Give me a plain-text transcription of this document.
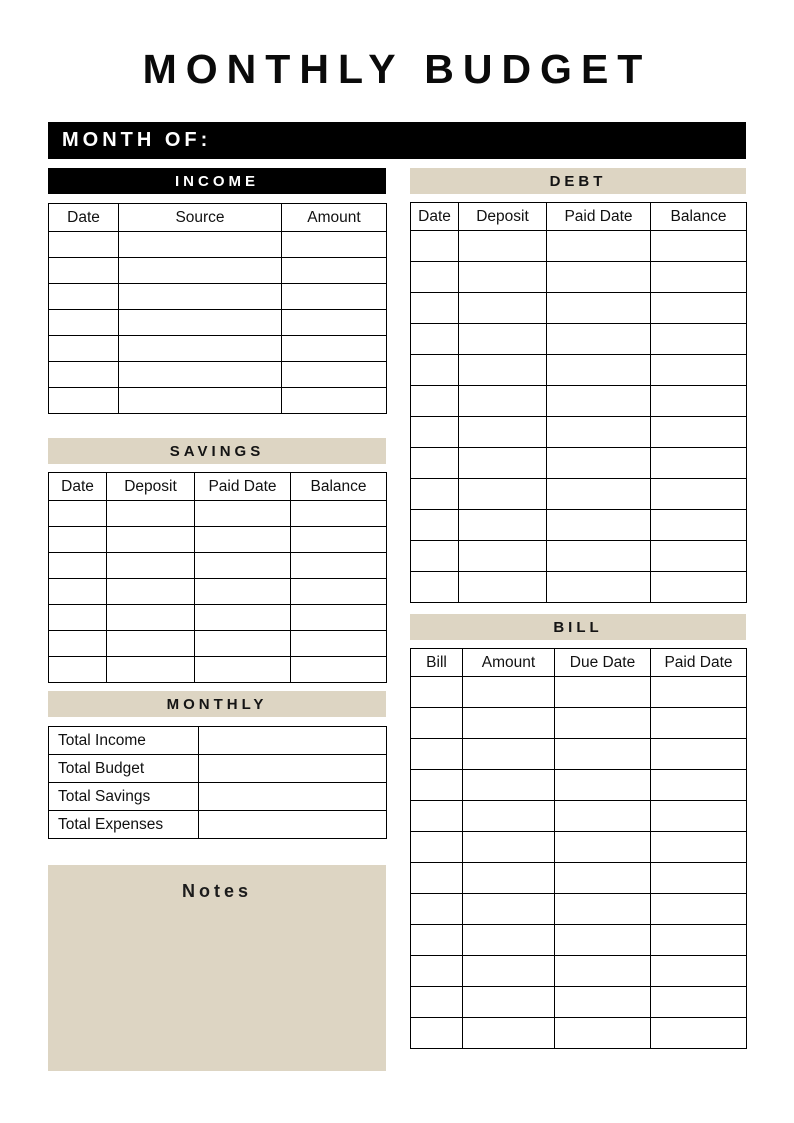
MONTHLY BUDGET
MONTH OF:
INCOME
Date	Source	Amount

SAVINGS
Date	Deposit	Paid Date	Balance

MONTHLY
Total Income	
Total Budget	
Total Savings	
Total Expenses	
Notes
DEBT
Date	Deposit	Paid Date	Balance

BILL
Bill	Amount	Due Date	Paid Date
